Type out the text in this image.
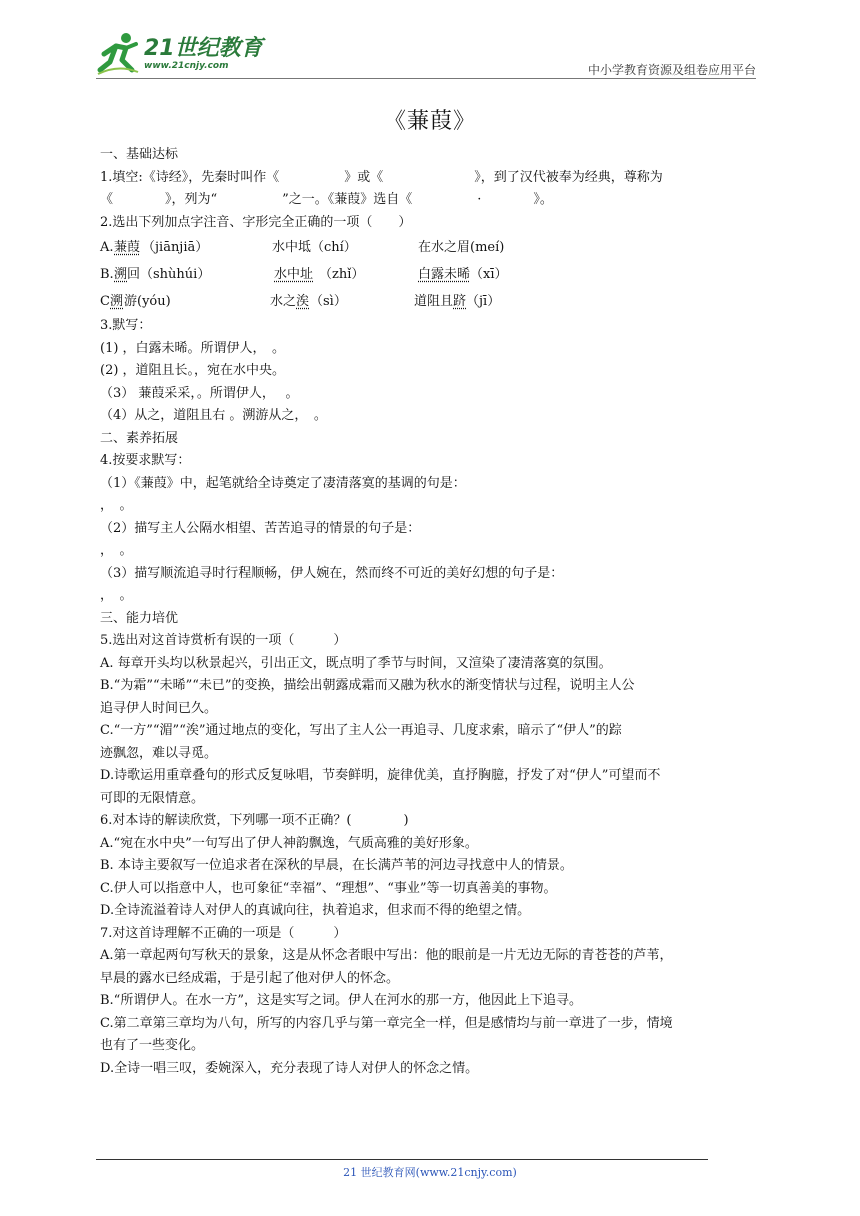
21世纪教育
www.21cnjy.com	中小学教育资源及组卷应用平台
《蒹葭》

一、基础达标

1.填空:《诗经》，先秦时叫作《　　　　　》或《　　　　　　　》，到了汉代被奉为经典，尊称为

《　　　　》，列为“　　　　　”之一。《蒹葭》选自《　　　　　·　　　　》。

2.选出下列加点字注音、字形完全正确的一项（　　）

A. 蒹葭 （jiānjiā）	水中坻（chí）	在水之眉(meí)
B. 溯 回（shùhúi）	水中址 （zhǐ）	白露未晞 （xī）
C 溯 游(yóu)	水之 涘 （sì）	道阻且 跻 （jī）

3.默写：

(1) ，白露未晞。所谓伊人，　。

(2) ，道阻且长。，宛在水中央。

（3） 蒹葭采采，。所谓伊人，　 。

（4）从之，道阻且右 。溯游从之，　。

二、素养拓展

4.按要求默写：

（1）《蒹葭》中，起笔就给全诗奠定了凄清落寞的基调的句是：

，　。

（2）描写主人公隔水相望、苦苦追寻的情景的句子是：

，　。

（3）描写顺流追寻时行程顺畅，伊人婉在，然而终不可近的美好幻想的句子是：

，　。

三、能力培优

5.选出对这首诗赏析有误的一项（　　　）

A. 每章开头均以秋景起兴，引出正文，既点明了季节与时间，又渲染了凄清落寞的氛围。

B.“为霜”“未晞”“未已”的变换，描绘出朝露成霜而又融为秋水的渐变情状与过程，说明主人公

追寻伊人时间已久。

C.“一方”“湄”“涘”通过地点的变化，写出了主人公一再追寻、几度求索，暗示了“伊人”的踪

迹飘忽，难以寻觅。

D.诗歌运用重章叠句的形式反复咏唱，节奏鲜明，旋律优美，直抒胸臆，抒发了对“伊人”可望而不

可即的无限情意。

6.对本诗的解读欣赏，下列哪一项不正确？(　　　　)

A.“宛在水中央”一句写出了伊人神韵飘逸，气质高雅的美好形象。

B. 本诗主要叙写一位追求者在深秋的早晨，在长满芦苇的河边寻找意中人的情景。

C.伊人可以指意中人，也可象征“幸福”、“理想”、“事业”等一切真善美的事物。

D.全诗流溢着诗人对伊人的真诚向往，执着追求，但求而不得的绝望之情。

7.对这首诗理解不正确的一项是（　　　）

A.第一章起两句写秋天的景象，这是从怀念者眼中写出：他的眼前是一片无边无际的青苍苍的芦苇，

早晨的露水已经成霜，于是引起了他对伊人的怀念。

B.“所谓伊人。在水一方”，这是实写之词。伊人在河水的那一方，他因此上下追寻。

C.第二章第三章均为八句，所写的内容几乎与第一章完全一样，但是感情均与前一章进了一步，情境

也有了一些变化。

D.全诗一唱三叹，委婉深入，充分表现了诗人对伊人的怀念之情。

21 世纪教育网(www.21cnjy.com)
